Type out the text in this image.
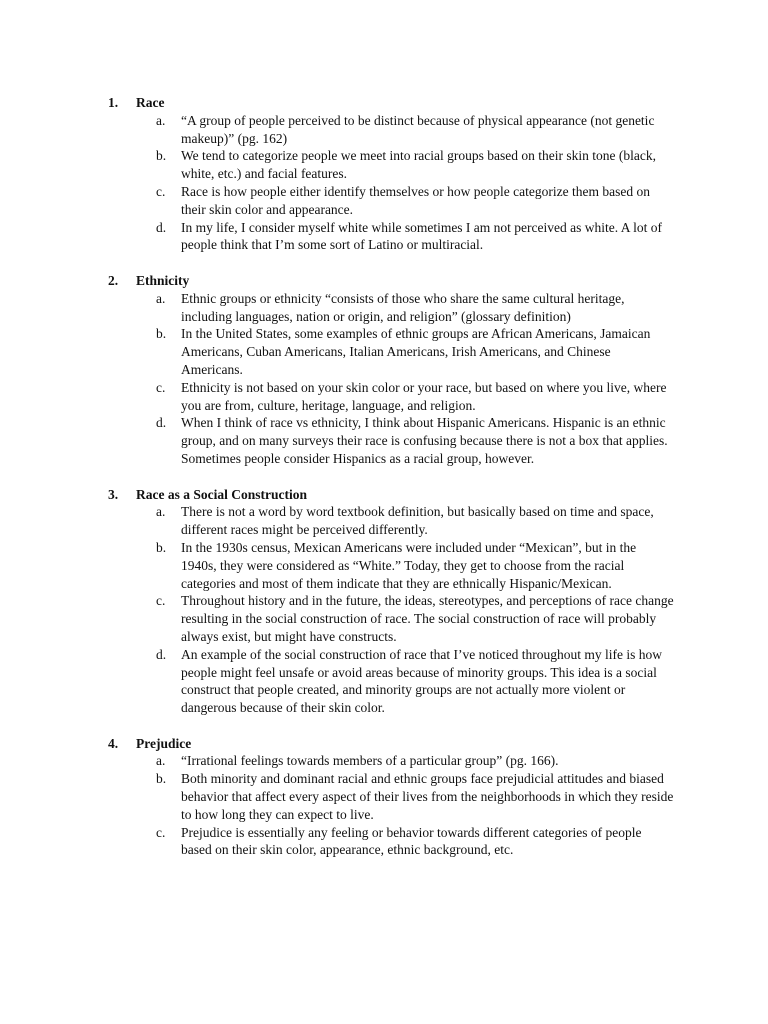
1.	Race
a.	“A group of people perceived to be distinct because of physical appearance (not genetic makeup)” (pg. 162)
b.	We tend to categorize people we meet into racial groups based on their skin tone (black, white, etc.) and facial features.
c.	Race is how people either identify themselves or how people categorize them based on their skin color and appearance.
d.	In my life, I consider myself white while sometimes I am not perceived as white. A lot of people think that I’m some sort of Latino or multiracial.
2.	Ethnicity
a.	Ethnic groups or ethnicity “consists of those who share the same cultural heritage, including languages, nation or origin, and religion” (glossary definition)
b.	In the United States, some examples of ethnic groups are African Americans, Jamaican Americans, Cuban Americans, Italian Americans, Irish Americans, and Chinese Americans.
c.	Ethnicity is not based on your skin color or your race, but based on where you live, where you are from, culture, heritage, language, and religion.
d.	When I think of race vs ethnicity, I think about Hispanic Americans. Hispanic is an ethnic group, and on many surveys their race is confusing because there is not a box that applies. Sometimes people consider Hispanics as a racial group, however.
3.	Race as a Social Construction
a.	There is not a word by word textbook definition, but basically based on time and space, different races might be perceived differently.
b.	In the 1930s census, Mexican Americans were included under “Mexican”, but in the 1940s, they were considered as “White.” Today, they get to choose from the racial categories and most of them indicate that they are ethnically Hispanic/Mexican.
c.	Throughout history and in the future, the ideas, stereotypes, and perceptions of race change resulting in the social construction of race. The social construction of race will probably always exist, but might have constructs.
d.	An example of the social construction of race that I’ve noticed throughout my life is how people might feel unsafe or avoid areas because of minority groups. This idea is a social construct that people created, and minority groups are not actually more violent or dangerous because of their skin color.
4.	Prejudice
a.	“Irrational feelings towards members of a particular group” (pg. 166).
b.	Both minority and dominant racial and ethnic groups face prejudicial attitudes and biased behavior that affect every aspect of their lives from the neighborhoods in which they reside to how long they can expect to live.
c.	Prejudice is essentially any feeling or behavior towards different categories of people based on their skin color, appearance, ethnic background, etc.
